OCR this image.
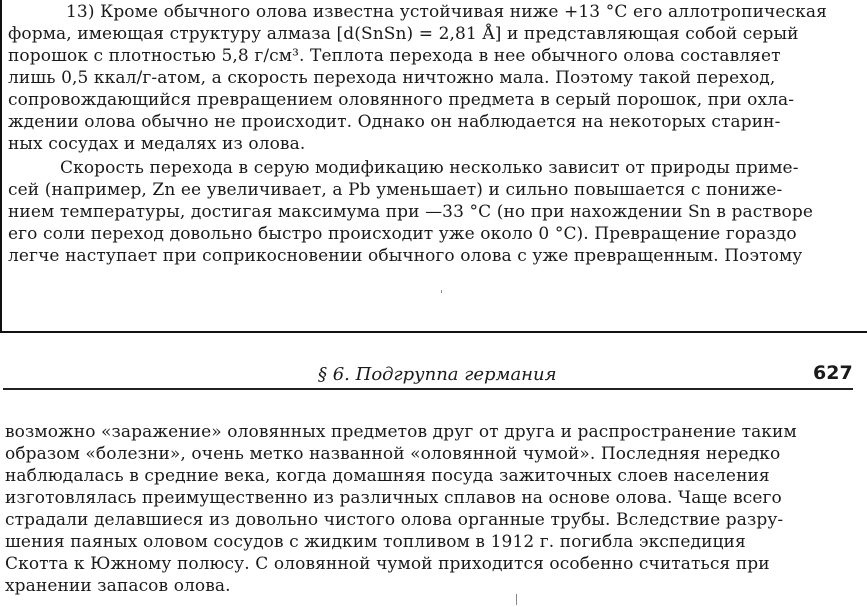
13) Кроме обычного олова известна устойчивая ниже +13 °C его аллотропическая
форма, имеющая структуру алмаза [d(SnSn) = 2,81 Å] и представляющая собой серый
порошок с плотностью 5,8 г/см³. Теплота перехода в нее обычного олова составляет
лишь 0,5 ккал/г-атом, а скорость перехода ничтожно мала. Поэтому такой переход,
сопровождающийся превращением оловянного предмета в серый порошок, при охла-
ждении олова обычно не происходит. Однако он наблюдается на некоторых старин-
ных сосудах и медалях из олова.
Скорость перехода в серую модификацию несколько зависит от природы приме-
сей (например, Zn ее увеличивает, а Pb уменьшает) и сильно повышается с пониже-
нием температуры, достигая максимума при —33 °C (но при нахождении Sn в растворе
его соли переход довольно быстро происходит уже около 0 °C). Превращение гораздо
легче наступает при соприкосновении обычного олова с уже превращенным. Поэтому
§ 6. Подгруппа германия	627
возможно «заражение» оловянных предметов друг от друга и распространение таким
образом «болезни», очень метко названной «оловянной чумой». Последняя нередко
наблюдалась в средние века, когда домашняя посуда зажиточных слоев населения
изготовлялась преимущественно из различных сплавов на основе олова. Чаще всего
страдали делавшиеся из довольно чистого олова органные трубы. Вследствие разру-
шения паяных оловом сосудов с жидким топливом в 1912 г. погибла экспедиция
Скотта к Южному полюсу. С оловянной чумой приходится особенно считаться при
хранении запасов олова.
